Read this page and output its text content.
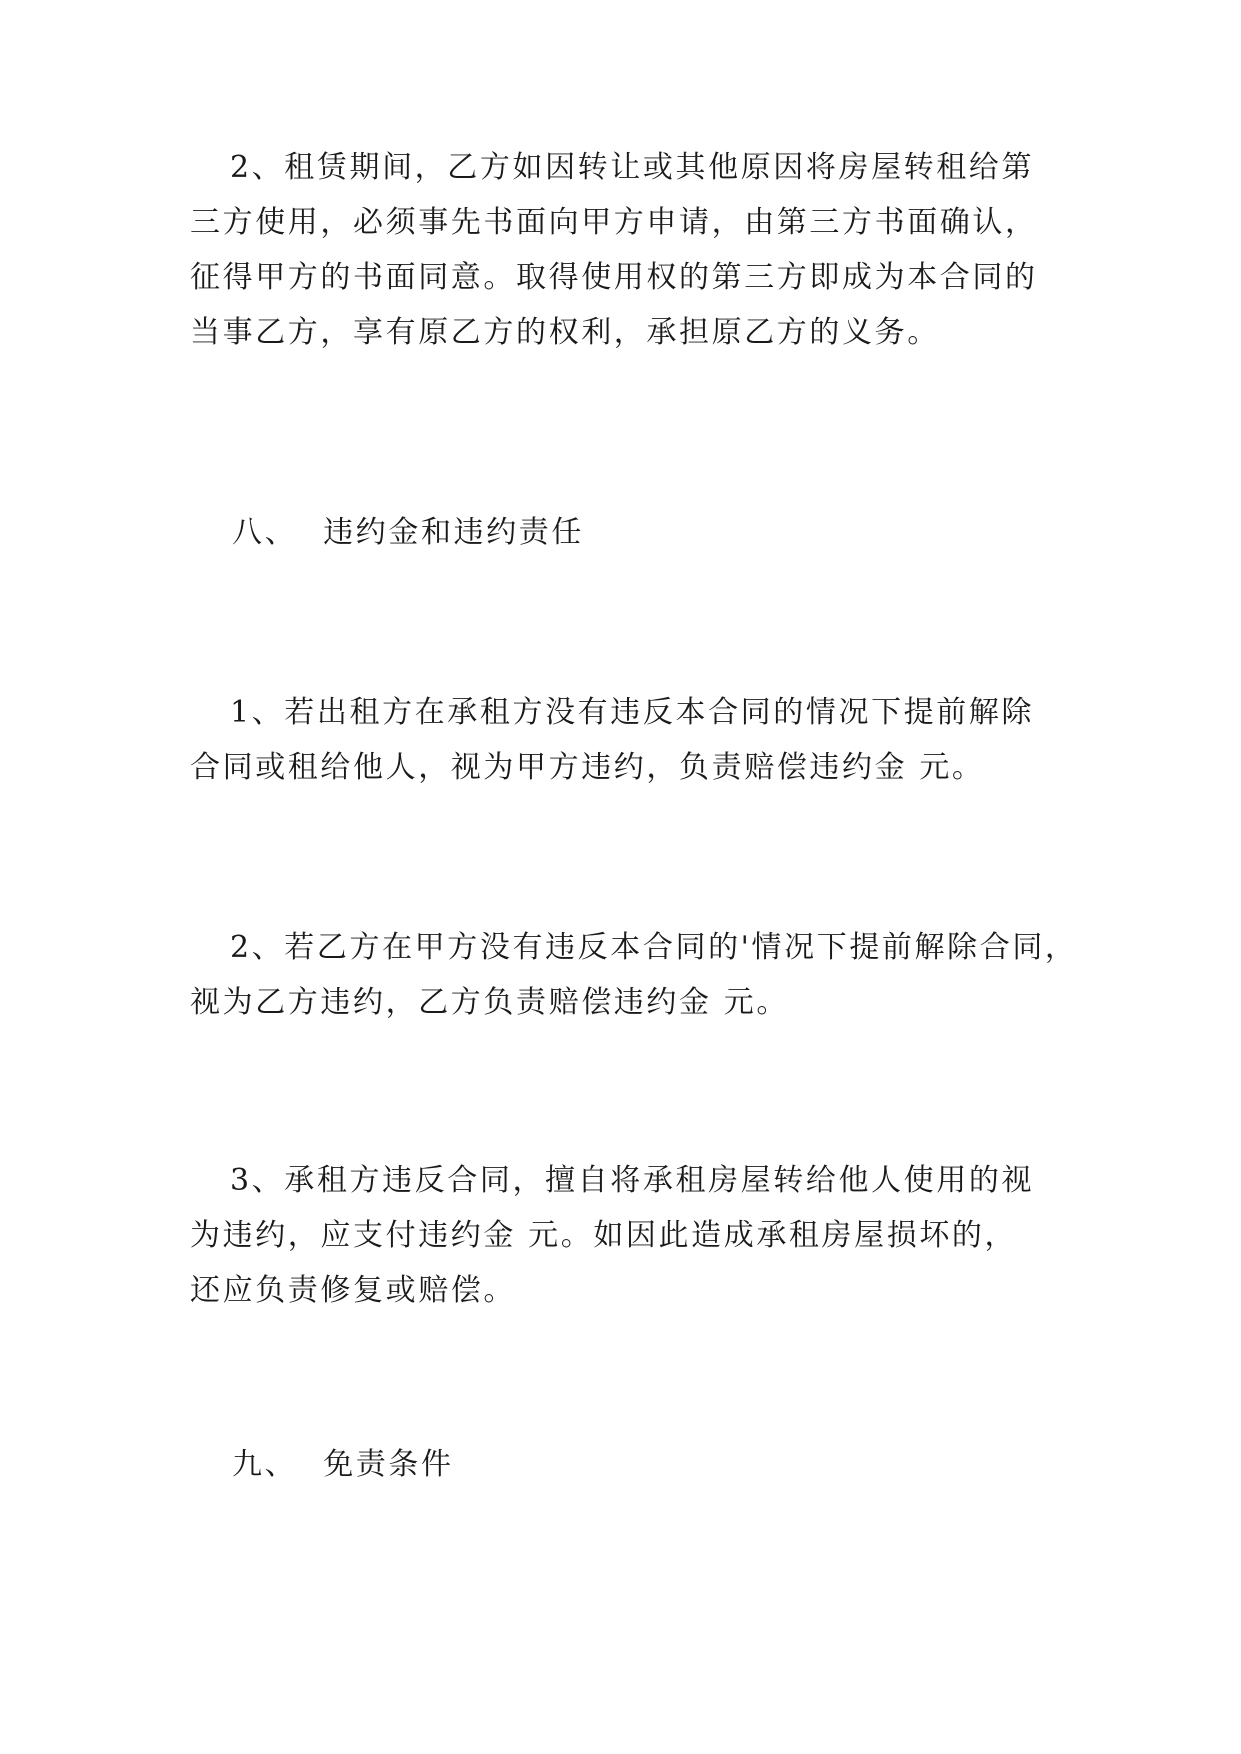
2、租赁期间，乙方如因转让或其他原因将房屋转租给第
三方使用，必须事先书面向甲方申请，由第三方书面确认，
征得甲方的书面同意。取得使用权的第三方即成为本合同的
当事乙方，享有原乙方的权利，承担原乙方的义务。
八、 违约金和违约责任
1、若出租方在承租方没有违反本合同的情况下提前解除
合同或租给他人，视为甲方违约，负责赔偿违约金 元。
2、若乙方在甲方没有违反本合同的'情况下提前解除合同，
视为乙方违约，乙方负责赔偿违约金 元。
3、承租方违反合同，擅自将承租房屋转给他人使用的视
为违约，应支付违约金 元。如因此造成承租房屋损坏的，
还应负责修复或赔偿。
九、 免责条件
